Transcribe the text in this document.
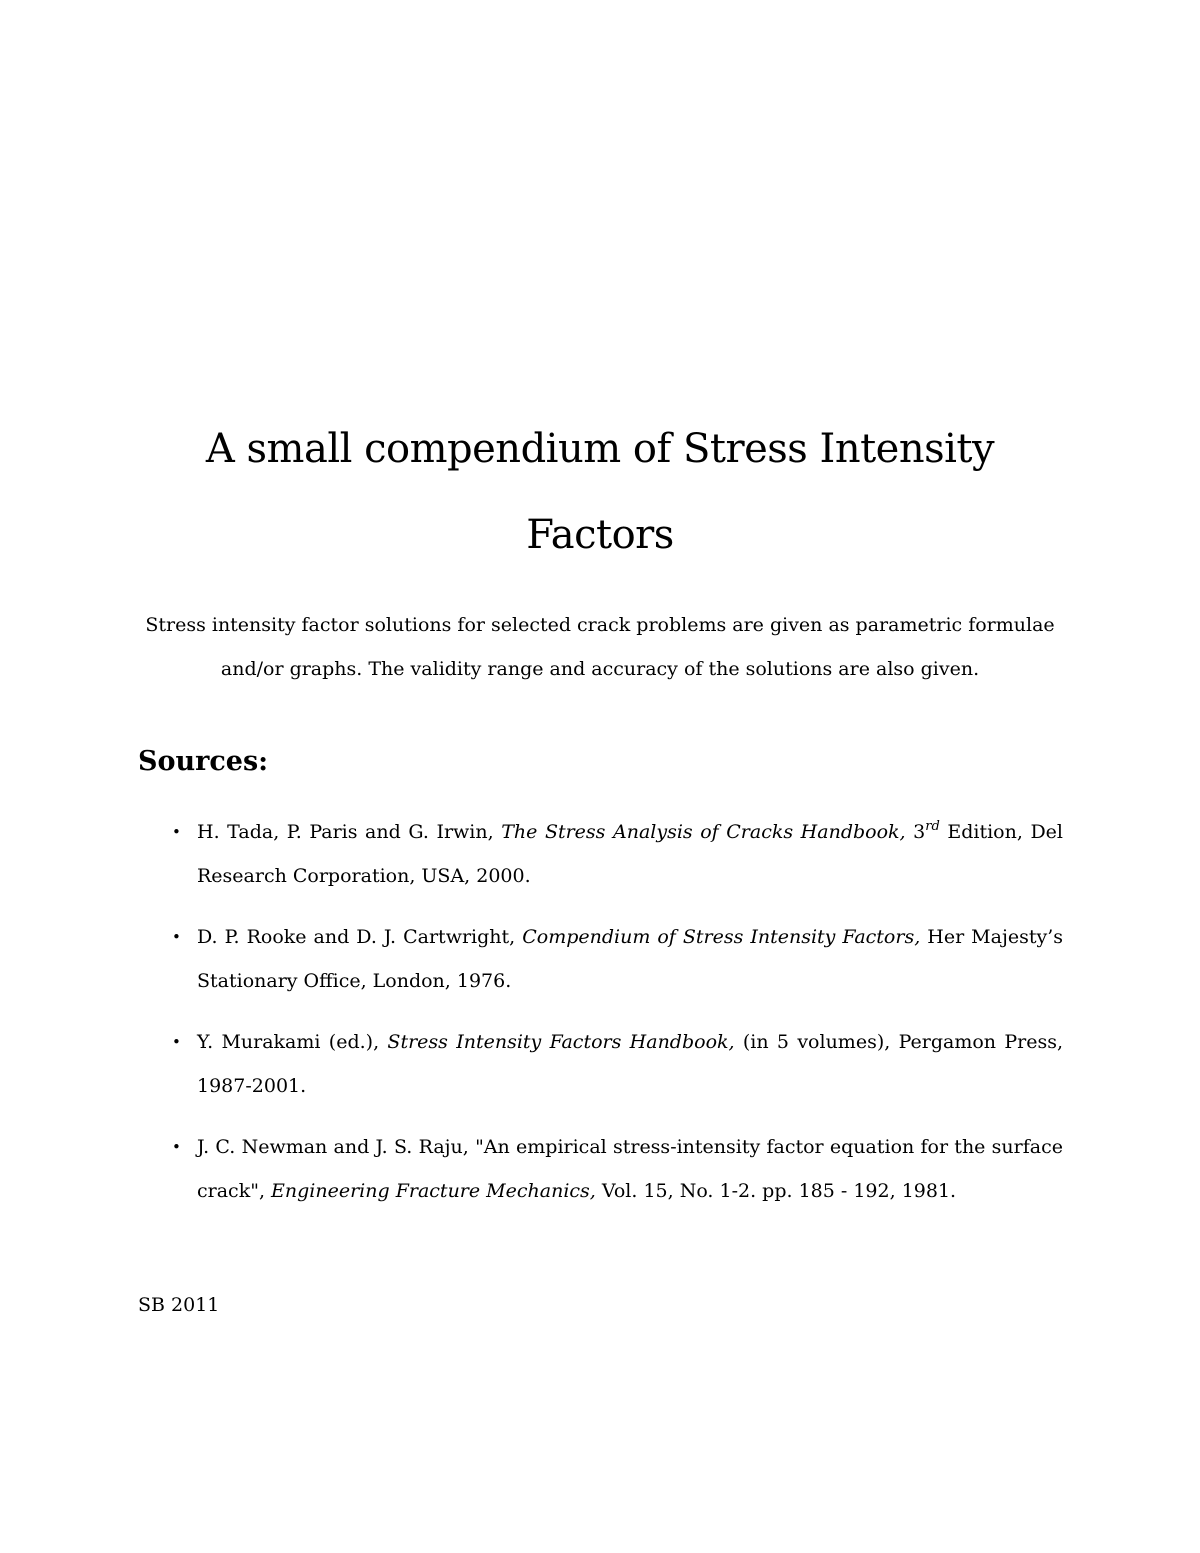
A small compendium of Stress Intensity Factors

Stress intensity factor solutions for selected crack problems are given as parametric formulae and/or graphs. The validity range and accuracy of the solutions are also given.

Sources:
• H. Tada, P. Paris and G. Irwin, The Stress Analysis of Cracks Handbook, 3rd Edition, Del Research Corporation, USA, 2000.
• D. P. Rooke and D. J. Cartwright, Compendium of Stress Intensity Factors, Her Majesty’s Stationary Office, London, 1976.
• Y. Murakami (ed.), Stress Intensity Factors Handbook, (in 5 volumes), Pergamon Press, 1987-2001.
• J. C. Newman and J. S. Raju, "An empirical stress-intensity factor equation for the surface crack", Engineering Fracture Mechanics, Vol. 15, No. 1-2. pp. 185 - 192, 1981.

SB 2011
